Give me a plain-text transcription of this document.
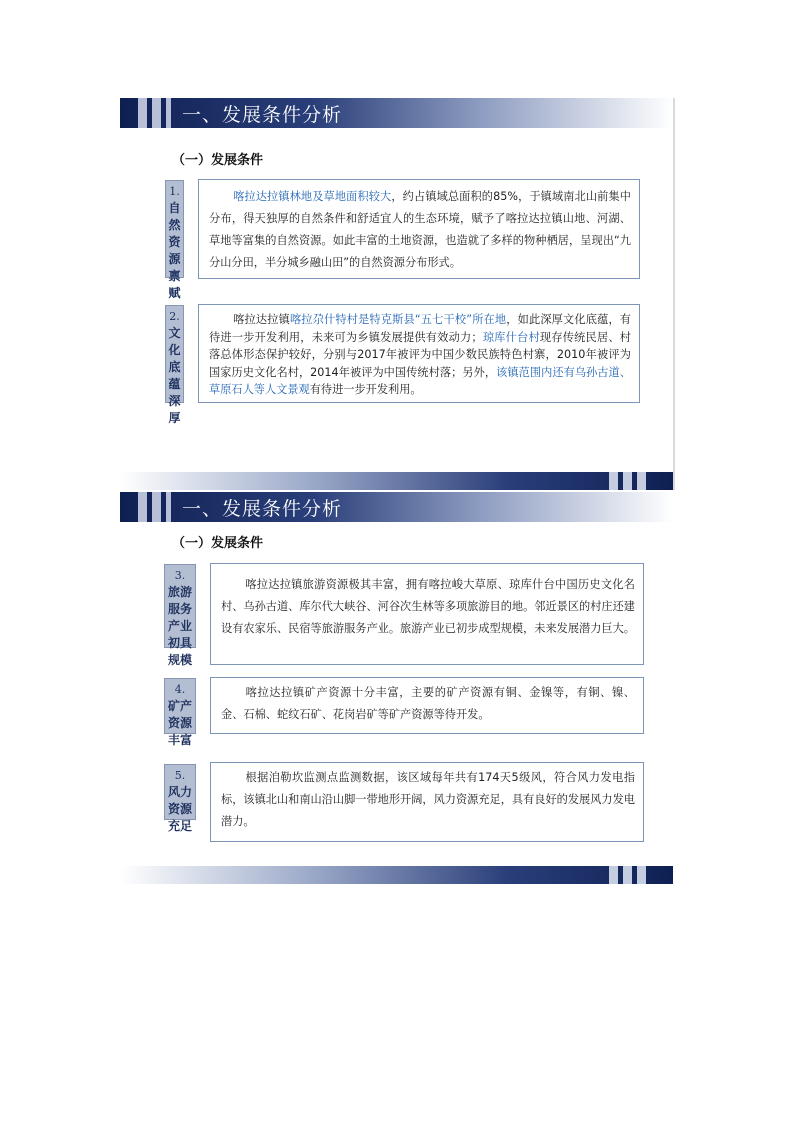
一、发展条件分析
（一）发展条件
1.
自然资源禀赋
喀拉达拉镇林地及草地面积较大，约占镇域总面积的85%，于镇域南北山前集中分布，得天独厚的自然条件和舒适宜人的生态环境，赋予了喀拉达拉镇山地、河湖、草地等富集的自然资源。如此丰富的土地资源，也造就了多样的物种栖居，呈现出“九分山分田，半分城乡融山田”的自然资源分布形式。
2.
文化底蕴深厚
喀拉达拉镇喀拉尕什特村是特克斯县“五七干校”所在地，如此深厚文化底蕴，有待进一步开发利用，未来可为乡镇发展提供有效动力；琼库什台村现存传统民居、村落总体形态保护较好，分别与2017年被评为中国少数民族特色村寨，2010年被评为国家历史文化名村，2014年被评为中国传统村落；另外，该镇范围内还有乌孙古道、草原石人等人文景观有待进一步开发利用。
一、发展条件分析
（一）发展条件
3.
旅游服务产业初具规模
喀拉达拉镇旅游资源极其丰富，拥有喀拉峻大草原、琼库什台中国历史文化名村、乌孙古道、库尔代大峡谷、河谷次生林等多项旅游目的地。邻近景区的村庄还建设有农家乐、民宿等旅游服务产业。旅游产业已初步成型规模，未来发展潜力巨大。
4.
矿产资源丰富
喀拉达拉镇矿产资源十分丰富，主要的矿产资源有铜、金镍等，有铜、镍、金、石棉、蛇纹石矿、花岗岩矿等矿产资源等待开发。
5.
风力资源充足
根据洎勒坎监测点监测数据，该区域每年共有174天5级风，符合风力发电指标，该镇北山和南山沿山脚一带地形开阔，风力资源充足，具有良好的发展风力发电潜力。
